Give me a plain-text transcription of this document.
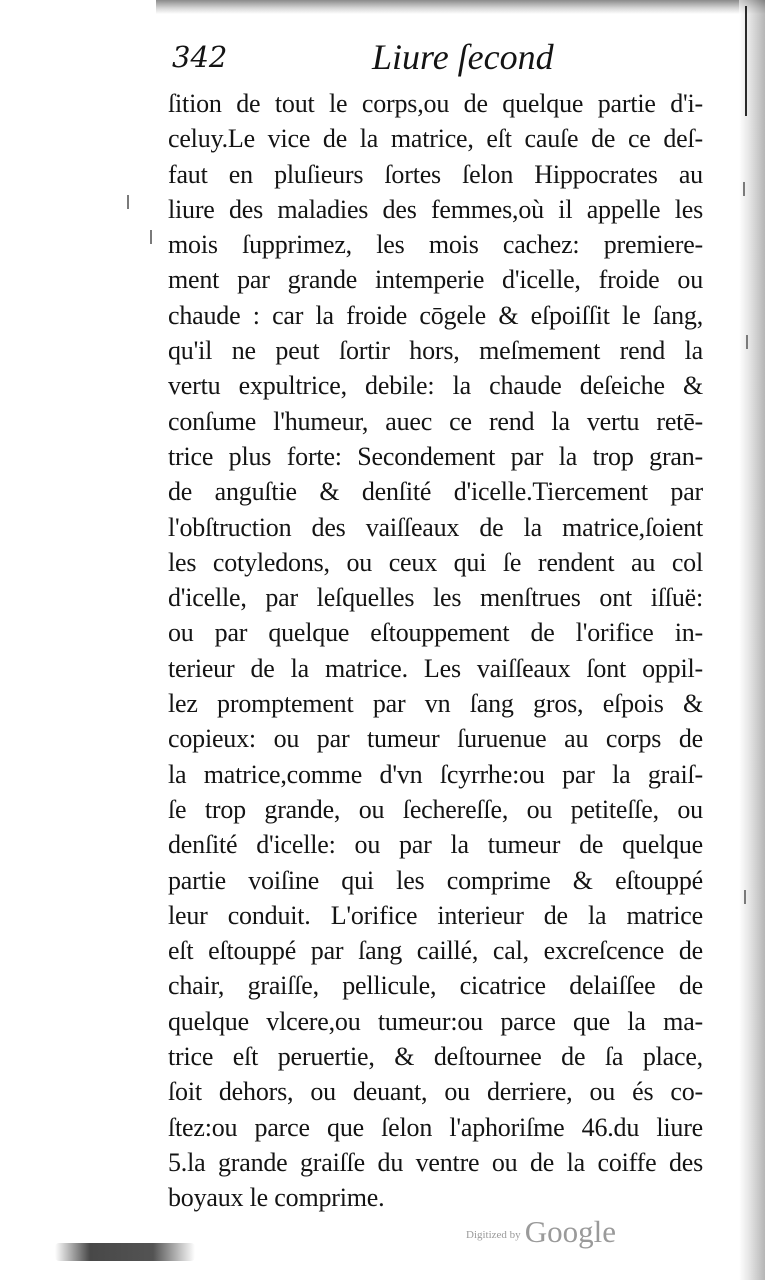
342	Liure ſecond
ſition de tout le corps,ou de quelque partie d'i-
celuy.Le vice de la matrice, eſt cauſe de ce deſ-
faut en pluſieurs ſortes ſelon Hippocrates au
liure des maladies des femmes,où il appelle les
mois ſupprimez, les mois cachez: premiere-
ment par grande intemperie d'icelle, froide ou
chaude : car la froide cōgele & eſpoiſſit le ſang,
qu'il ne peut ſortir hors, meſmement rend la
vertu expultrice, debile: la chaude deſeiche &
conſume l'humeur, auec ce rend la vertu retē-
trice plus forte: Secondement par la trop gran-
de anguſtie & denſité d'icelle.Tiercement par
l'obſtruction des vaiſſeaux de la matrice,ſoient
les cotyledons, ou ceux qui ſe rendent au col
d'icelle, par leſquelles les menſtrues ont iſſuë:
ou par quelque eſtouppement de l'orifice in-
terieur de la matrice. Les vaiſſeaux ſont oppil-
lez promptement par vn ſang gros, eſpois &
copieux: ou par tumeur ſuruenue au corps de
la matrice,comme d'vn ſcyrrhe:ou par la graiſ-
ſe trop grande, ou ſechereſſe, ou petiteſſe, ou
denſité d'icelle: ou par la tumeur de quelque
partie voiſine qui les comprime & eſtouppé
leur conduit. L'orifice interieur de la matrice
eſt eſtouppé par ſang caillé, cal, excreſcence de
chair, graiſſe, pellicule, cicatrice delaiſſee de
quelque vlcere,ou tumeur:ou parce que la ma-
trice eſt peruertie, & deſtournee de ſa place,
ſoit dehors, ou deuant, ou derriere, ou és co-
ſtez:ou parce que ſelon l'aphoriſme 46.du liure
5.la grande graiſſe du ventre ou de la coiffe des
boyaux le comprime.
$^{Digitized by}$ Google
